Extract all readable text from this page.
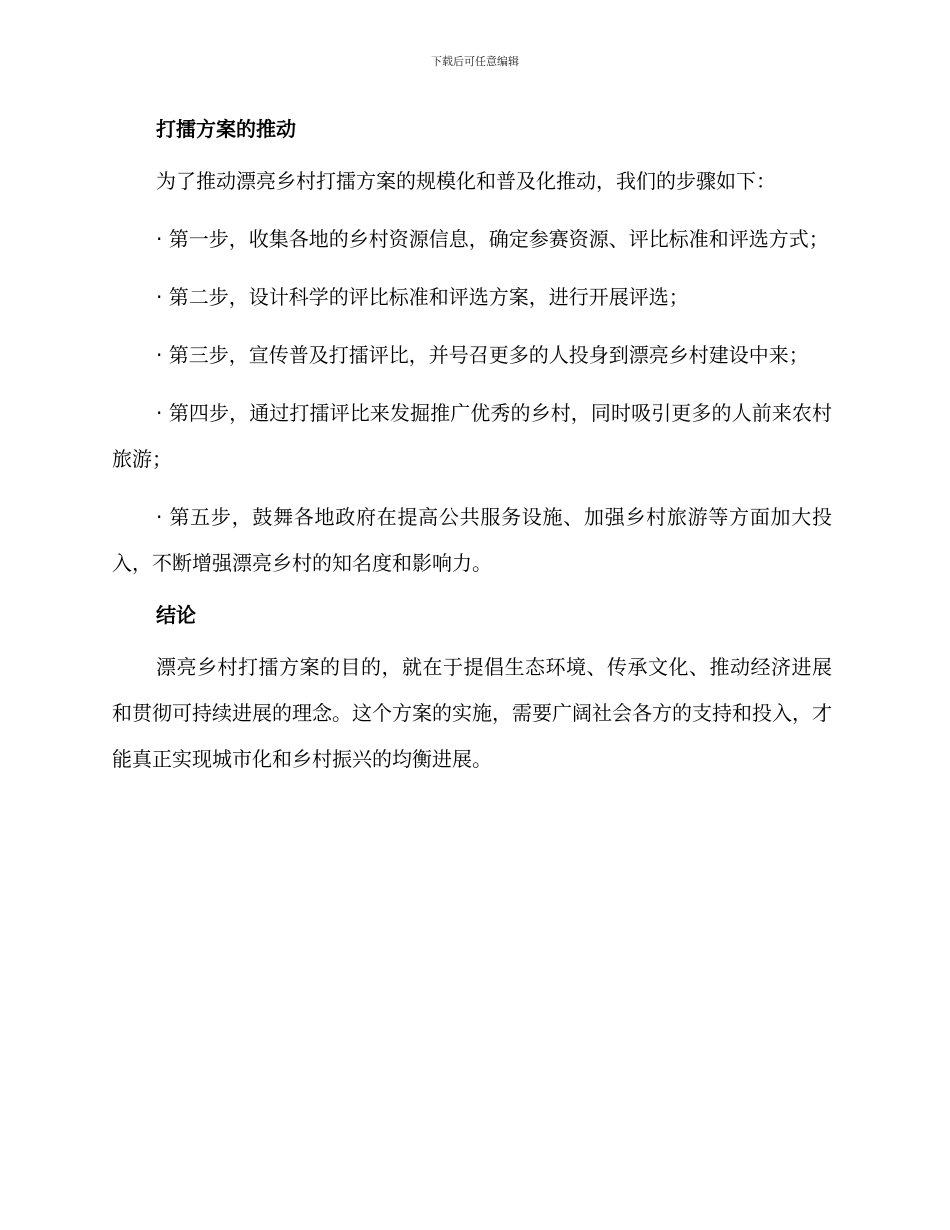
下载后可任意编辑
打擂方案的推动

为了推动漂亮乡村打擂方案的规模化和普及化推动，我们的步骤如下：

· 第一步，收集各地的乡村资源信息，确定参赛资源、评比标准和评选方式；

· 第二步，设计科学的评比标准和评选方案，进行开展评选；

· 第三步，宣传普及打擂评比，并号召更多的人投身到漂亮乡村建设中来；

· 第四步，通过打擂评比来发掘推广优秀的乡村，同时吸引更多的人前来农村旅游；

· 第五步，鼓舞各地政府在提高公共服务设施、加强乡村旅游等方面加大投入，不断增强漂亮乡村的知名度和影响力。

结论

漂亮乡村打擂方案的目的，就在于提倡生态环境、传承文化、推动经济进展和贯彻可持续进展的理念。这个方案的实施，需要广阔社会各方的支持和投入，才能真正实现城市化和乡村振兴的均衡进展。
